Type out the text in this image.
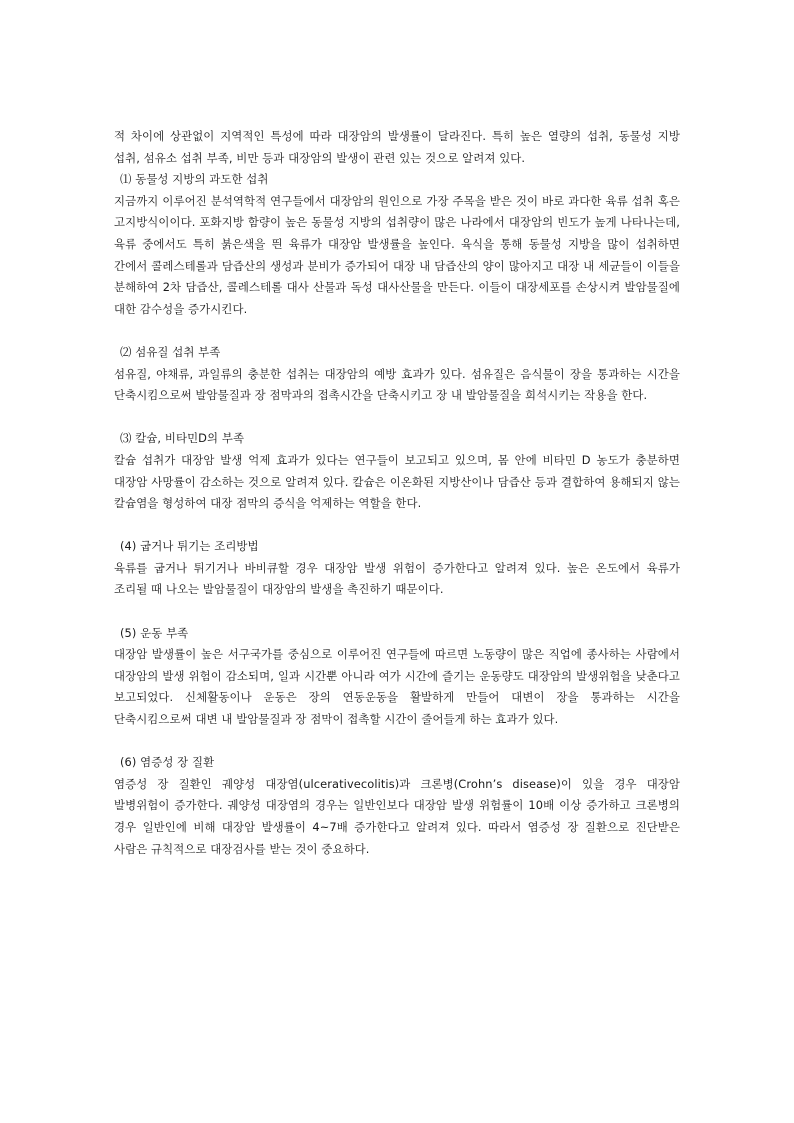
적 차이에 상관없이 지역적인 특성에 따라 대장암의 발생률이 달라진다. 특히 높은 열량의 섭취, 동물성 지방 섭취, 섬유소 섭취 부족, 비만 등과 대장암의 발생이 관련 있는 것으로 알려져 있다.

⑴ 동물성 지방의 과도한 섭취

지금까지 이루어진 분석역학적 연구들에서 대장암의 원인으로 가장 주목을 받은 것이 바로 과다한 육류 섭취 혹은 고지방식이이다. 포화지방 함량이 높은 동물성 지방의 섭취량이 많은 나라에서 대장암의 빈도가 높게 나타나는데, 육류 중에서도 특히 붉은색을 띈 육류가 대장암 발생률을 높인다. 육식을 통해 동물성 지방을 많이 섭취하면 간에서 콜레스테롤과 담즙산의 생성과 분비가 증가되어 대장 내 담즙산의 양이 많아지고 대장 내 세균들이 이들을 분해하여 2차 담즙산, 콜레스테롤 대사 산물과 독성 대사산물을 만든다. 이들이 대장세포를 손상시켜 발암물질에 대한 감수성을 증가시킨다.

⑵ 섬유질 섭취 부족

섬유질, 야채류, 과일류의 충분한 섭취는 대장암의 예방 효과가 있다. 섬유질은 음식물이 장을 통과하는 시간을 단축시킴으로써 발암물질과 장 점막과의 접촉시간을 단축시키고 장 내 발암물질을 희석시키는 작용을 한다.

⑶ 칼슘, 비타민D의 부족

칼슘 섭취가 대장암 발생 억제 효과가 있다는 연구들이 보고되고 있으며, 몸 안에 비타민 D 농도가 충분하면 대장암 사망률이 감소하는 것으로 알려져 있다. 칼슘은 이온화된 지방산이나 담즙산 등과 결합하여 용해되지 않는 칼슘염을 형성하여 대장 점막의 증식을 억제하는 역할을 한다.

(4) 굽거나 튀기는 조리방법

육류를 굽거나 튀기거나 바비큐할 경우 대장암 발생 위험이 증가한다고 알려져 있다. 높은 온도에서 육류가 조리될 때 나오는 발암물질이 대장암의 발생을 촉진하기 때문이다.

(5) 운동 부족

대장암 발생률이 높은 서구국가를 중심으로 이루어진 연구들에 따르면 노동량이 많은 직업에 종사하는 사람에서 대장암의 발생 위험이 감소되며, 일과 시간뿐 아니라 여가 시간에 즐기는 운동량도 대장암의 발생위험을 낮춘다고 보고되었다. 신체활동이나 운동은 장의 연동운동을 활발하게 만들어 대변이 장을 통과하는 시간을 단축시킴으로써 대변 내 발암물질과 장 점막이 접촉할 시간이 줄어들게 하는 효과가 있다.

(6) 염증성 장 질환

염증성 장 질환인 궤양성 대장염(ulcerativecolitis)과 크론병(Crohn’s disease)이 있을 경우 대장암 발병위험이 증가한다. 궤양성 대장염의 경우는 일반인보다 대장암 발생 위험률이 10배 이상 증가하고 크론병의 경우 일반인에 비해 대장암 발생률이 4~7배 증가한다고 알려져 있다. 따라서 염증성 장 질환으로 진단받은 사람은 규칙적으로 대장검사를 받는 것이 중요하다.
